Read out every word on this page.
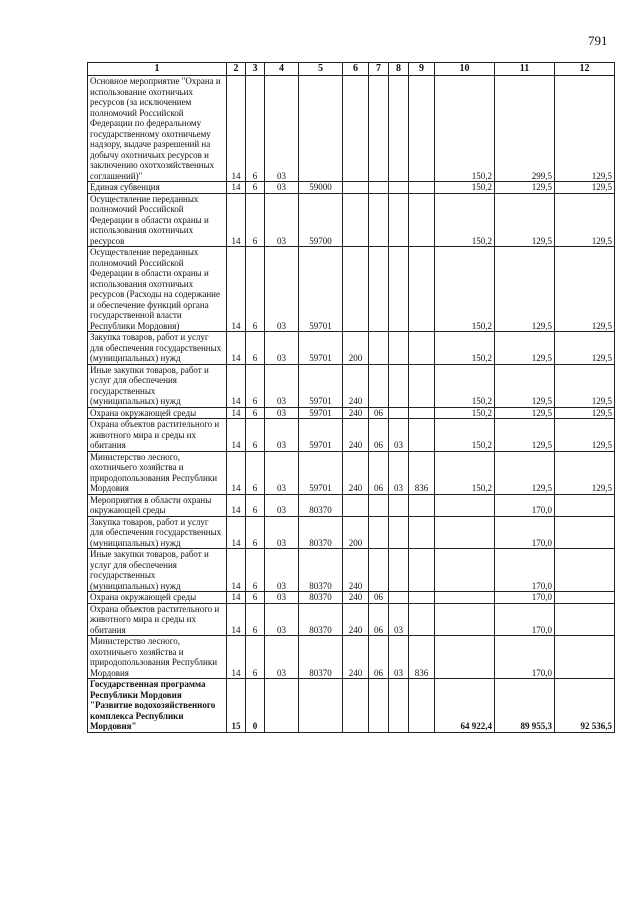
791
1	2	3	4	5	6	7	8	9	10	11	12
Основное мероприятие "Охрана и использование охотничьих ресурсов (за исключением полномочий Российской Федерации по федеральному государственному охотничьему надзору, выдаче разрешений на добычу охотничьих ресурсов и заключению охотхозяйственных соглашений)"	14	6	03						150,2	299,5	129,5
Единая субвенция	14	6	03	59000					150,2	129,5	129,5
Осуществление переданных полномочий Российской Федерации в области охраны и использования охотничьих ресурсов	14	6	03	59700					150,2	129,5	129,5
Осуществление переданных полномочий Российской Федерации в области охраны и использования охотничьих ресурсов (Расходы на содержание и обеспечение функций органа государственной власти Республики Мордовия)	14	6	03	59701					150,2	129,5	129,5
Закупка товаров, работ и услуг для обеспечения государственных (муниципальных) нужд	14	6	03	59701	200				150,2	129,5	129,5
Иные закупки товаров, работ и услуг для обеспечения государственных (муниципальных) нужд	14	6	03	59701	240				150,2	129,5	129,5
Охрана окружающей среды	14	6	03	59701	240	06			150,2	129,5	129,5
Охрана объектов растительного и животного мира и среды их обитания	14	6	03	59701	240	06	03		150,2	129,5	129,5
Министерство лесного, охотничьего хозяйства и природопользования Республики Мордовия	14	6	03	59701	240	06	03	836	150,2	129,5	129,5
Мероприятия в области охраны окружающей среды	14	6	03	80370						170,0	
Закупка товаров, работ и услуг для обеспечения государственных (муниципальных) нужд	14	6	03	80370	200					170,0	
Иные закупки товаров, работ и услуг для обеспечения государственных (муниципальных) нужд	14	6	03	80370	240					170,0	
Охрана окружающей среды	14	6	03	80370	240	06				170,0	
Охрана объектов растительного и животного мира и среды их обитания	14	6	03	80370	240	06	03			170,0	
Министерство лесного, охотничьего хозяйства и природопользования Республики Мордовия	14	6	03	80370	240	06	03	836		170,0	
Государственная программа Республики Мордовия "Развитие водохозяйственного комплекса Республики Мордовия"	15	0							64 922,4	89 955,3	92 536,5
